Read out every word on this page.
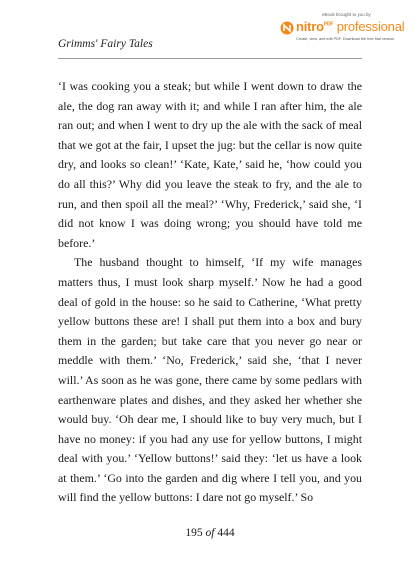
Grimms' Fairy Tales
eBook brought to you by
nitro$^{PDF}$ professional
Create, view, and edit PDF. Download the free trial version.

‘I was cooking you a steak; but while I went down to draw the ale, the dog ran away with it; and while I ran after him, the ale ran out; and when I went to dry up the ale with the sack of meal that we got at the fair, I upset the jug: but the cellar is now quite dry, and looks so clean!’ ‘Kate, Kate,’ said he, ‘how could you do all this?’ Why did you leave the steak to fry, and the ale to run, and then spoil all the meal?’ ‘Why, Frederick,’ said she, ‘I did not know I was doing wrong; you should have told me before.’

The husband thought to himself, ‘If my wife manages matters thus, I must look sharp myself.’ Now he had a good deal of gold in the house: so he said to Catherine, ‘What pretty yellow buttons these are! I shall put them into a box and bury them in the garden; but take care that you never go near or meddle with them.’ ‘No, Frederick,’ said she, ‘that I never will.’ As soon as he was gone, there came by some pedlars with earthenware plates and dishes, and they asked her whether she would buy. ‘Oh dear me, I should like to buy very much, but I have no money: if you had any use for yellow buttons, I might deal with you.’ ‘Yellow buttons!’ said they: ‘let us have a look at them.’ ‘Go into the garden and dig where I tell you, and you will find the yellow buttons: I dare not go myself.’ So

195 of 444
